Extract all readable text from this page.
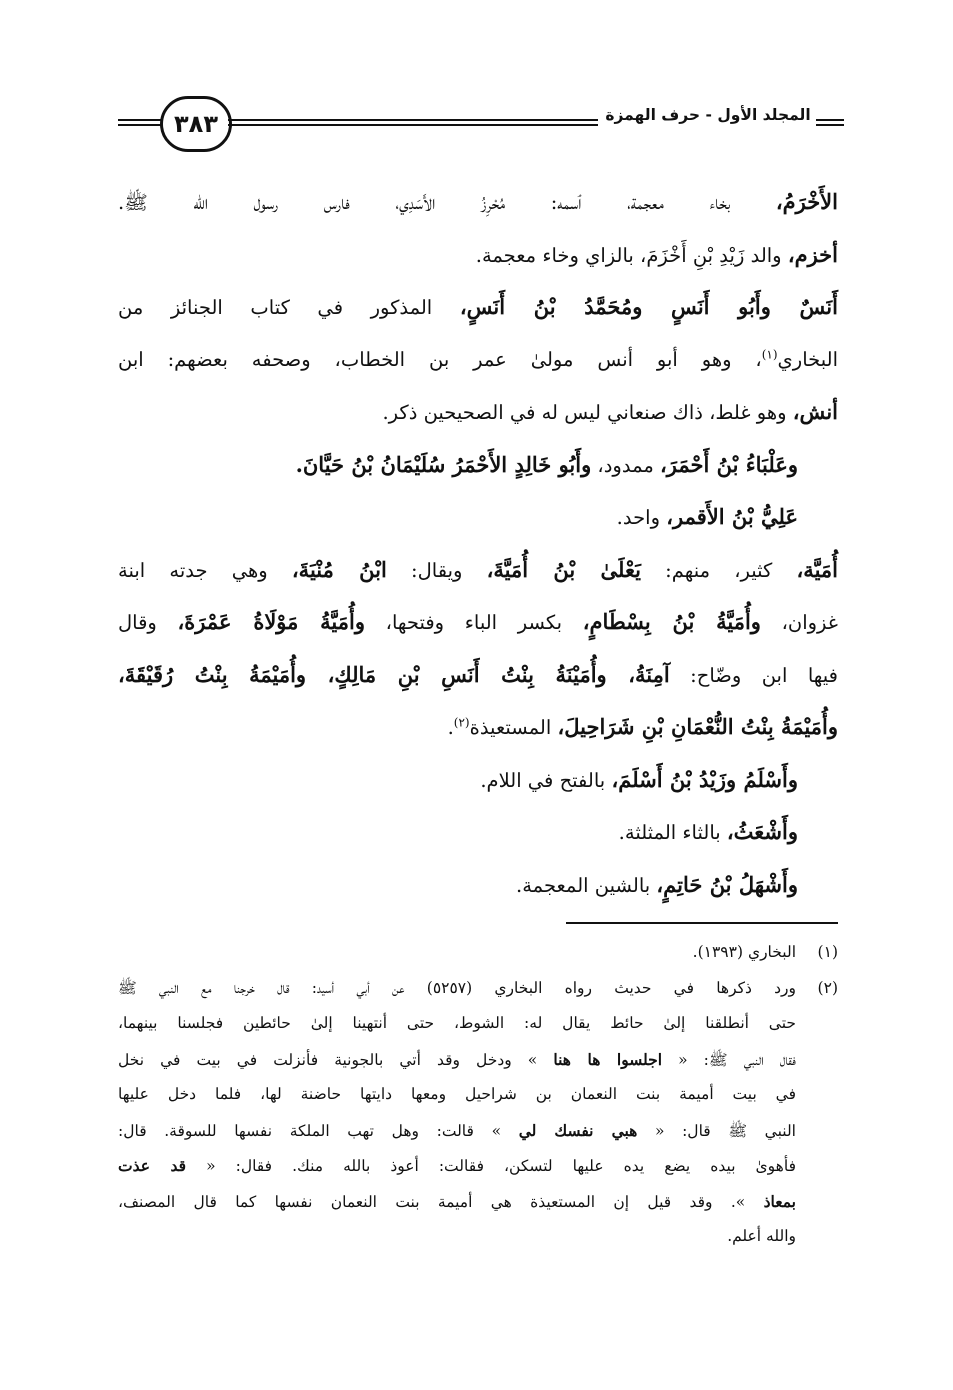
٣٨٣	المجلد الأول - حرف الهمزة
الأَخْرَمُ، بخاء معجمة، ٱسمه: مُحْرِزُ الأَسَدِي، فارس رسول الله ﷺ.
أخزم، والد زَيْدِ بْنِ أَخْزَمَ، بالزاي وخاء معجمة.
أَنَسٌ وأَبُو أَنَسٍ ومُحَمَّدُ بْنُ أَنَسٍ، المذكور في كتاب الجنائز من
البخاري$^{(١)}$، وهو أبو أنس مولىٰ عمر بن الخطاب، وصحفه بعضهم: ابن
أنش، وهو غلط، ذاك صنعاني ليس له في الصحيحين ذكر.
وعَلْبَاءُ بْنُ أَحْمَرَ، ممدود، وأَبُو خَالِدٍ الأَحْمَرُ سُلَيْمَانُ بْنُ حَيَّانَ.
عَلِيُّ بْنُ الأَقمر، واحد.
أُمَيَّة، كثير، منهم: يَعْلَىٰ بْنُ أُمَيَّةَ، ويقال: ابْنُ مُنْيَةَ، وهي جدته ابنة
غزوان، وأُمَيَّةُ بْنُ بِسْطَامٍ، بكسر الباء وفتحها، وأُمَيَّةُ مَوْلَاةُ عَمْرَةَ، وقال
فيها ابن وضّاح: آمِنَةُ، وأُمَيْنَةُ بِنْتُ أَنَسِ بْنِ مَالِكٍ، وأُمَيْمَةُ بِنْتُ رُقَيْقَةَ،
وأُمَيْمَةُ بِنْتُ النُّعْمَانِ بْنِ شَرَاحِيلَ، المستعيذة$^{(٢)}$.
وأَسْلَمُ وزَيْدُ بْنُ أَسْلَمَ، بالفتح في اللام.
وأَشْعَثُ، بالثاء المثلثة.
وأَشْهَلُ بْنُ حَاتِمٍ، بالشين المعجمة.
(١)
البخاري (١٣٩٣).
(٢)
ورد ذكرها في حديث رواه البخاري (٥٢٥٧) عن أبي أسيد: قال خرجنا مع النبي ﷺ
حتى أنطلقنا إلىٰ حائط يقال له: الشوط، حتى أنتهينا إلىٰ حائطين فجلسنا بينهما،
فقال النبي ﷺ: « اجلسوا ها هنا » ودخل وقد أتي بالجونية فأنزلت في بيت في نخل
في بيت أميمة بنت النعمان بن شراحيل ومعها دايتها حاضنة لها، فلما دخل عليها
النبي ﷺ قال: « هبي نفسك لي » قالت: وهل تهب الملكة نفسها للسوقة. قال:
فأهوىٰ بيده يضع يده عليها لتسكن، فقالت: أعوذ بالله منك. فقال: « قد عذت
بمعاذ ». وقد قيل إن المستعيذة هي أميمة بنت النعمان نفسها كما قال المصنف،
والله أعلم.
